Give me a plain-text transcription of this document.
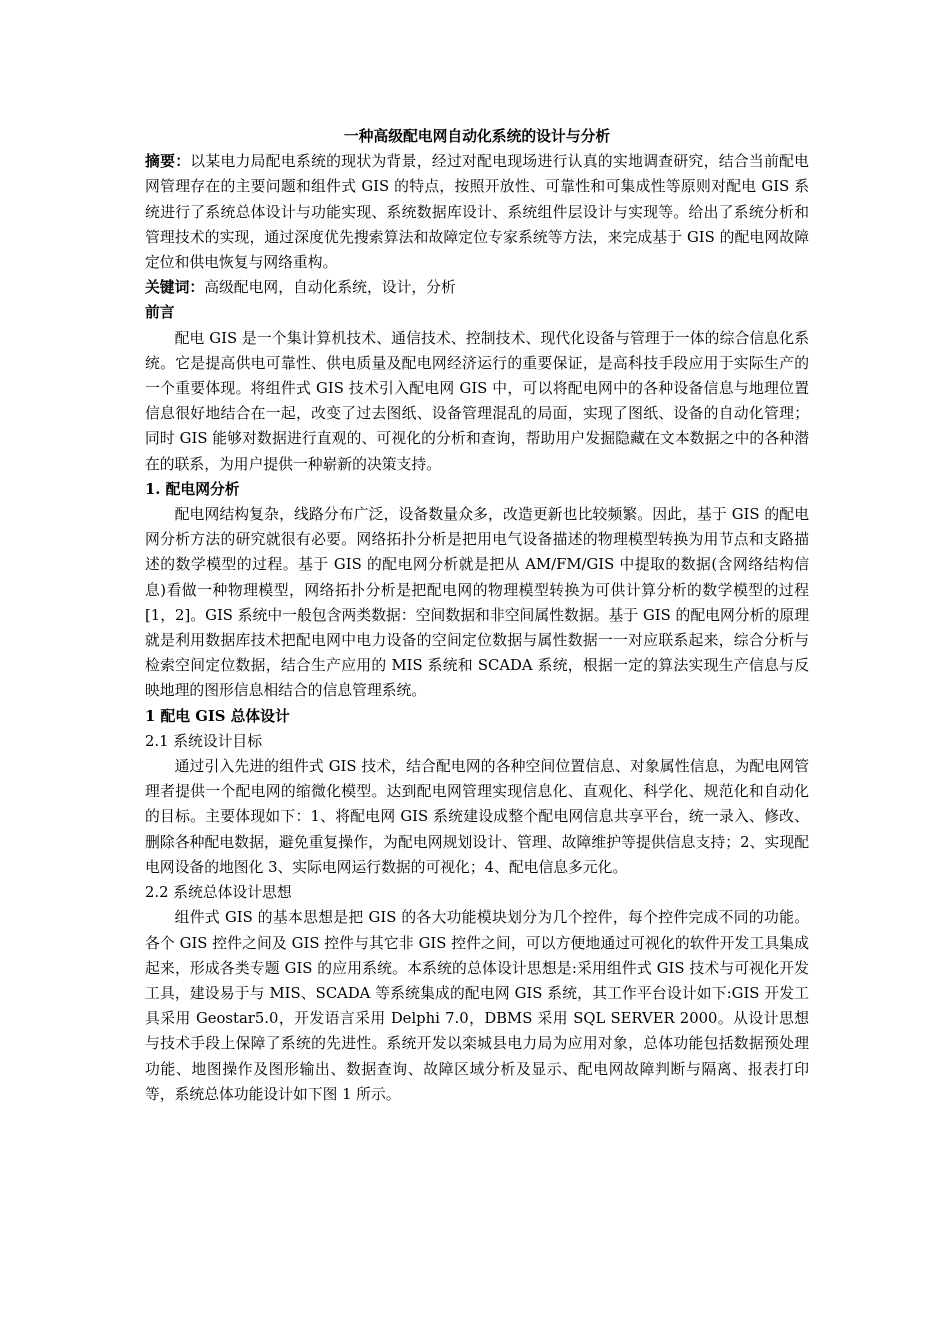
一种高级配电网自动化系统的设计与分析

摘要：以某电力局配电系统的现状为背景，经过对配电现场进行认真的实地调查研究，结合当前配电网管理存在的主要问题和组件式 GIS 的特点，按照开放性、可靠性和可集成性等原则对配电 GIS 系统进行了系统总体设计与功能实现、系统数据库设计、系统组件层设计与实现等。给出了系统分析和管理技术的实现，通过深度优先搜索算法和故障定位专家系统等方法，来完成基于 GIS 的配电网故障定位和供电恢复与网络重构。

关键词：高级配电网，自动化系统，设计，分析

前言

配电 GIS 是一个集计算机技术、通信技术、控制技术、现代化设备与管理于一体的综合信息化系统。它是提高供电可靠性、供电质量及配电网经济运行的重要保证，是高科技手段应用于实际生产的一个重要体现。将组件式 GIS 技术引入配电网 GIS 中，可以将配电网中的各种设备信息与地理位置信息很好地结合在一起，改变了过去图纸、设备管理混乱的局面，实现了图纸、设备的自动化管理；同时 GIS 能够对数据进行直观的、可视化的分析和查询，帮助用户发掘隐藏在文本数据之中的各种潜在的联系，为用户提供一种崭新的决策支持。

1. 配电网分析

配电网结构复杂，线路分布广泛，设备数量众多，改造更新也比较频繁。因此，基于 GIS 的配电网分析方法的研究就很有必要。网络拓扑分析是把用电气设备描述的物理模型转换为用节点和支路描述的数学模型的过程。基于 GIS 的配电网分析就是把从 AM/FM/GIS 中提取的数据(含网络结构信息)看做一种物理模型，网络拓扑分析是把配电网的物理模型转换为可供计算分析的数学模型的过程[1，2]。GIS 系统中一般包含两类数据：空间数据和非空间属性数据。基于 GIS 的配电网分析的原理就是利用数据库技术把配电网中电力设备的空间定位数据与属性数据一一对应联系起来，综合分析与检索空间定位数据，结合生产应用的 MIS 系统和 SCADA 系统，根据一定的算法实现生产信息与反映地理的图形信息相结合的信息管理系统。

1 配电 GIS 总体设计
2.1 系统设计目标

通过引入先进的组件式 GIS 技术，结合配电网的各种空间位置信息、对象属性信息，为配电网管理者提供一个配电网的缩微化模型。达到配电网管理实现信息化、直观化、科学化、规范化和自动化的目标。主要体现如下：1、将配电网 GIS 系统建设成整个配电网信息共享平台，统一录入、修改、删除各种配电数据，避免重复操作，为配电网规划设计、管理、故障维护等提供信息支持；2、实现配电网设备的地图化 3、实际电网运行数据的可视化；4、配电信息多元化。

2.2 系统总体设计思想

组件式 GIS 的基本思想是把 GIS 的各大功能模块划分为几个控件，每个控件完成不同的功能。各个 GIS 控件之间及 GIS 控件与其它非 GIS 控件之间，可以方便地通过可视化的软件开发工具集成起来，形成各类专题 GIS 的应用系统。本系统的总体设计思想是:采用组件式 GIS 技术与可视化开发工具，建设易于与 MIS、SCADA 等系统集成的配电网 GIS 系统，其工作平台设计如下:GIS 开发工具采用 Geostar5.0，开发语言采用 Delphi 7.0，DBMS 采用 SQL SERVER 2000。从设计思想与技术手段上保障了系统的先进性。系统开发以栾城县电力局为应用对象，总体功能包括数据预处理功能、地图操作及图形输出、数据查询、故障区域分析及显示、配电网故障判断与隔离、报表打印等，系统总体功能设计如下图 1 所示。
